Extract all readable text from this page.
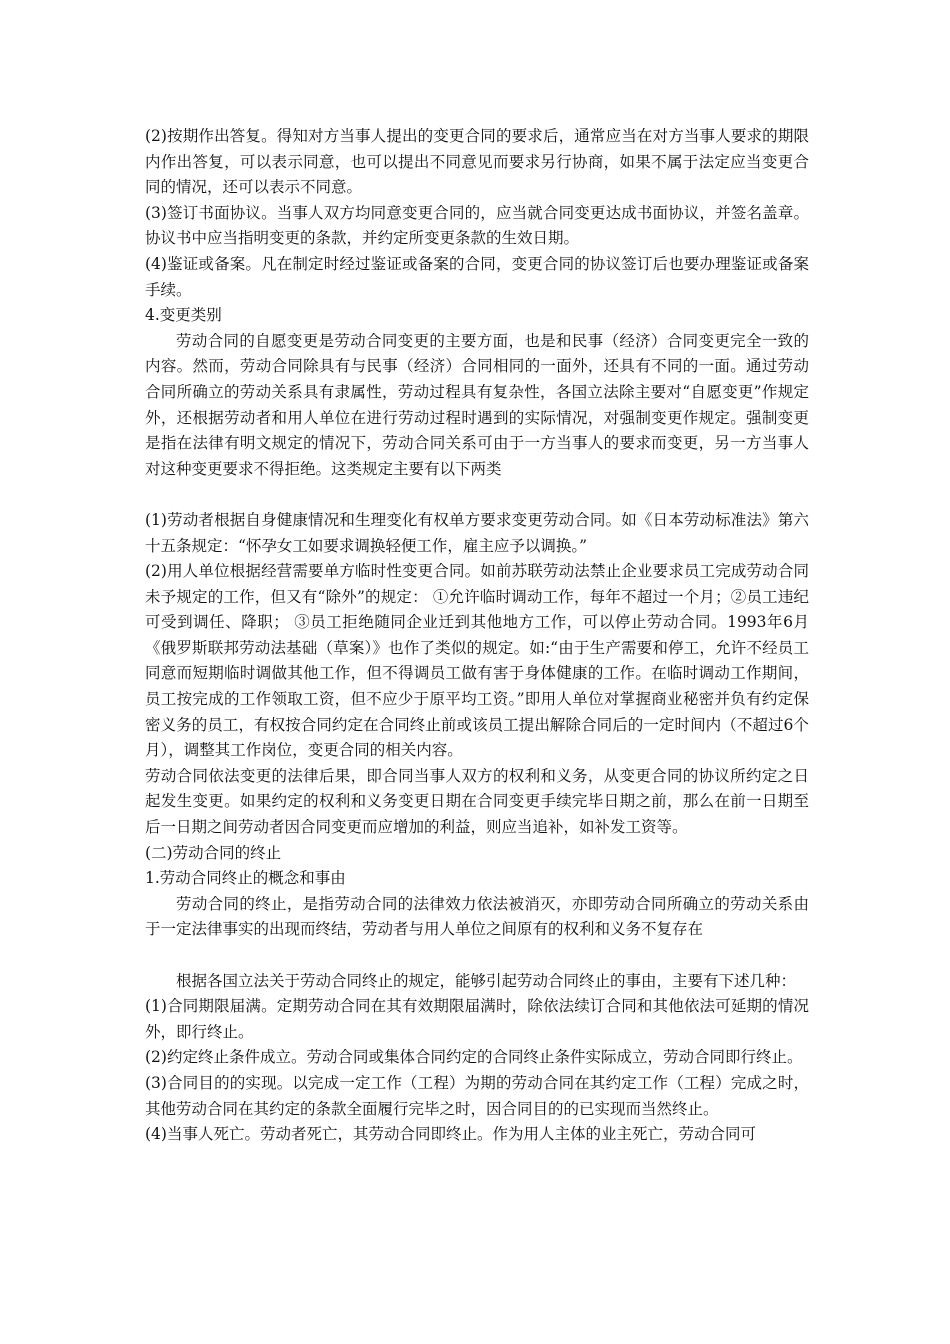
(2)按期作出答复。得知对方当事人提出的变更合同的要求后，通常应当在对方当事人要求的期限内作出答复，可以表示同意，也可以提出不同意见而要求另行协商，如果不属于法定应当变更合同的情况，还可以表示不同意。

(3)签订书面协议。当事人双方均同意变更合同的，应当就合同变更达成书面协议，并签名盖章。协议书中应当指明变更的条款，并约定所变更条款的生效日期。

(4)鉴证或备案。凡在制定时经过鉴证或备案的合同，变更合同的协议签订后也要办理鉴证或备案手续。

4.变更类别

劳动合同的自愿变更是劳动合同变更的主要方面，也是和民事（经济）合同变更完全一致的内容。然而，劳动合同除具有与民事（经济）合同相同的一面外，还具有不同的一面。通过劳动合同所确立的劳动关系具有隶属性，劳动过程具有复杂性，各国立法除主要对“自愿变更”作规定外，还根据劳动者和用人单位在进行劳动过程时遇到的实际情况，对强制变更作规定。强制变更是指在法律有明文规定的情况下，劳动合同关系可由于一方当事人的要求而变更，另一方当事人对这种变更要求不得拒绝。这类规定主要有以下两类

(1)劳动者根据自身健康情况和生理变化有权单方要求变更劳动合同。如《日本劳动标准法》第六十五条规定：“怀孕女工如要求调换轻便工作，雇主应予以调换。”

(2)用人单位根据经营需要单方临时性变更合同。如前苏联劳动法禁止企业要求员工完成劳动合同未予规定的工作，但又有“除外”的规定： ①允许临时调动工作，每年不超过一个月；②员工违纪可受到调任、降职； ③员工拒绝随同企业迁到其他地方工作，可以停止劳动合同。1993年6月《俄罗斯联邦劳动法基础（草案）》也作了类似的规定。如:“由于生产需要和停工，允许不经员工同意而短期临时调做其他工作，但不得调员工做有害于身体健康的工作。在临时调动工作期间，员工按完成的工作领取工资，但不应少于原平均工资。”即用人单位对掌握商业秘密并负有约定保密义务的员工，有权按合同约定在合同终止前或该员工提出解除合同后的一定时间内（不超过6个月），调整其工作岗位，变更合同的相关内容。

劳动合同依法变更的法律后果，即合同当事人双方的权利和义务，从变更合同的协议所约定之日起发生变更。如果约定的权利和义务变更日期在合同变更手续完毕日期之前，那么在前一日期至后一日期之间劳动者因合同变更而应增加的利益，则应当追补，如补发工资等。

(二)劳动合同的终止

1.劳动合同终止的概念和事由

劳动合同的终止，是指劳动合同的法律效力依法被消灭，亦即劳动合同所确立的劳动关系由于一定法律事实的出现而终结，劳动者与用人单位之间原有的权利和义务不复存在

根据各国立法关于劳动合同终止的规定，能够引起劳动合同终止的事由，主要有下述几种：

(1)合同期限届满。定期劳动合同在其有效期限届满时，除依法续订合同和其他依法可延期的情况外，即行终止。

(2)约定终止条件成立。劳动合同或集体合同约定的合同终止条件实际成立，劳动合同即行终止。

(3)合同目的的实现。以完成一定工作（工程）为期的劳动合同在其约定工作（工程）完成之时，其他劳动合同在其约定的条款全面履行完毕之时，因合同目的的已实现而当然终止。

(4)当事人死亡。劳动者死亡，其劳动合同即终止。作为用人主体的业主死亡，劳动合同可
